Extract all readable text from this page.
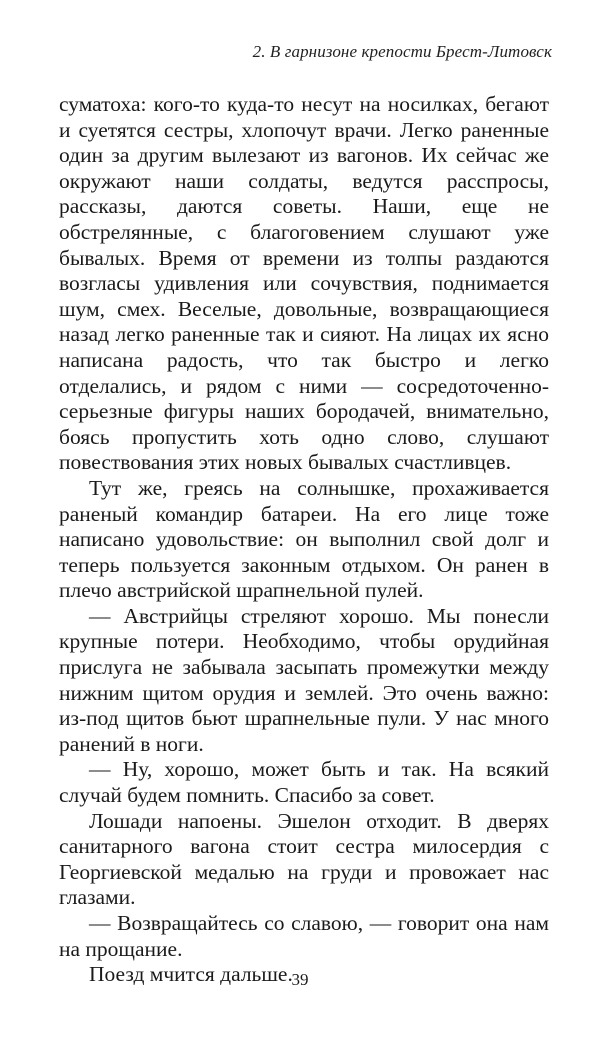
2. В гарнизоне крепости Брест-Литовск

суматоха: кого-то куда-то несут на носилках, бегают и суетятся сестры, хлопочут врачи. Легко раненные один за другим вылезают из вагонов. Их сейчас же окружают наши солдаты, ведутся расспросы, рассказы, даются советы. Наши, еще не обстрелянные, с благоговением слушают уже бывалых. Время от времени из толпы раздаются возгласы удивления или сочувствия, поднимается шум, смех. Веселые, довольные, возвращающиеся назад легко раненные так и сияют. На лицах их ясно написана радость, что так быстро и легко отделались, и рядом с ними — сосредоточенно-серьезные фигуры наших бородачей, внимательно, боясь пропустить хоть одно слово, слушают повествования этих новых бывалых счастливцев.

Тут же, греясь на солнышке, прохаживается раненый командир батареи. На его лице тоже написано удовольствие: он выполнил свой долг и теперь пользуется законным отдыхом. Он ранен в плечо австрийской шрапнельной пулей.

— Австрийцы стреляют хорошо. Мы понесли крупные потери. Необходимо, чтобы орудийная прислуга не забывала засыпать промежутки между нижним щитом орудия и землей. Это очень важно: из-под щитов бьют шрапнельные пули. У нас много ранений в ноги.

— Ну, хорошо, может быть и так. На всякий случай будем помнить. Спасибо за совет.

Лошади напоены. Эшелон отходит. В дверях санитарного вагона стоит сестра милосердия с Георгиевской медалью на груди и провожает нас глазами.

— Возвращайтесь со славою, — говорит она нам на прощание.

Поезд мчится дальше.

39
